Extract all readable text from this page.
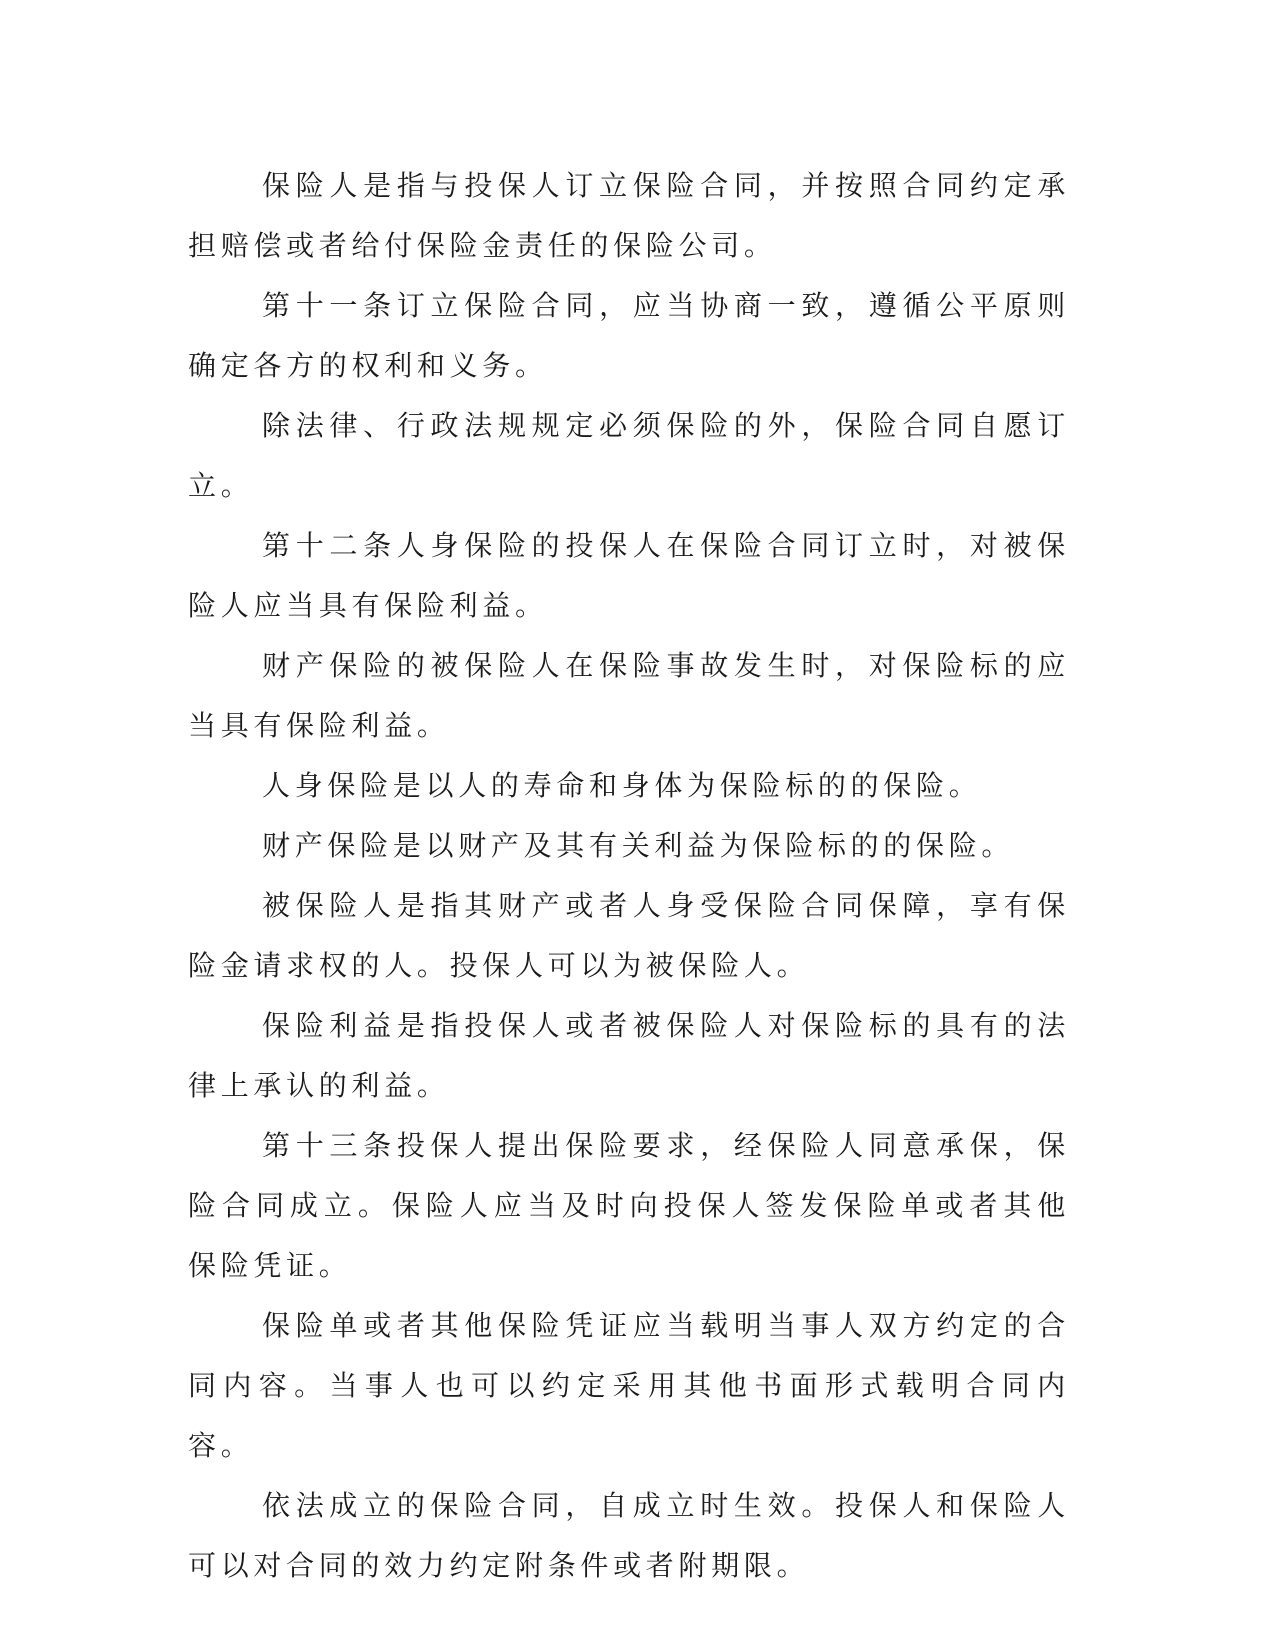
保险人是指与投保人订立保险合同，并按照合同约定承担赔偿或者给付保险金责任的保险公司。

第十一条订立保险合同，应当协商一致，遵循公平原则确定各方的权利和义务。

除法律、行政法规规定必须保险的外，保险合同自愿订立。

第十二条人身保险的投保人在保险合同订立时，对被保险人应当具有保险利益。

财产保险的被保险人在保险事故发生时，对保险标的应当具有保险利益。

人身保险是以人的寿命和身体为保险标的的保险。

财产保险是以财产及其有关利益为保险标的的保险。

被保险人是指其财产或者人身受保险合同保障，享有保险金请求权的人。投保人可以为被保险人。

保险利益是指投保人或者被保险人对保险标的具有的法律上承认的利益。

第十三条投保人提出保险要求，经保险人同意承保，保险合同成立。保险人应当及时向投保人签发保险单或者其他保险凭证。

保险单或者其他保险凭证应当载明当事人双方约定的合同内容。当事人也可以约定采用其他书面形式载明合同内容。

依法成立的保险合同，自成立时生效。投保人和保险人可以对合同的效力约定附条件或者附期限。
